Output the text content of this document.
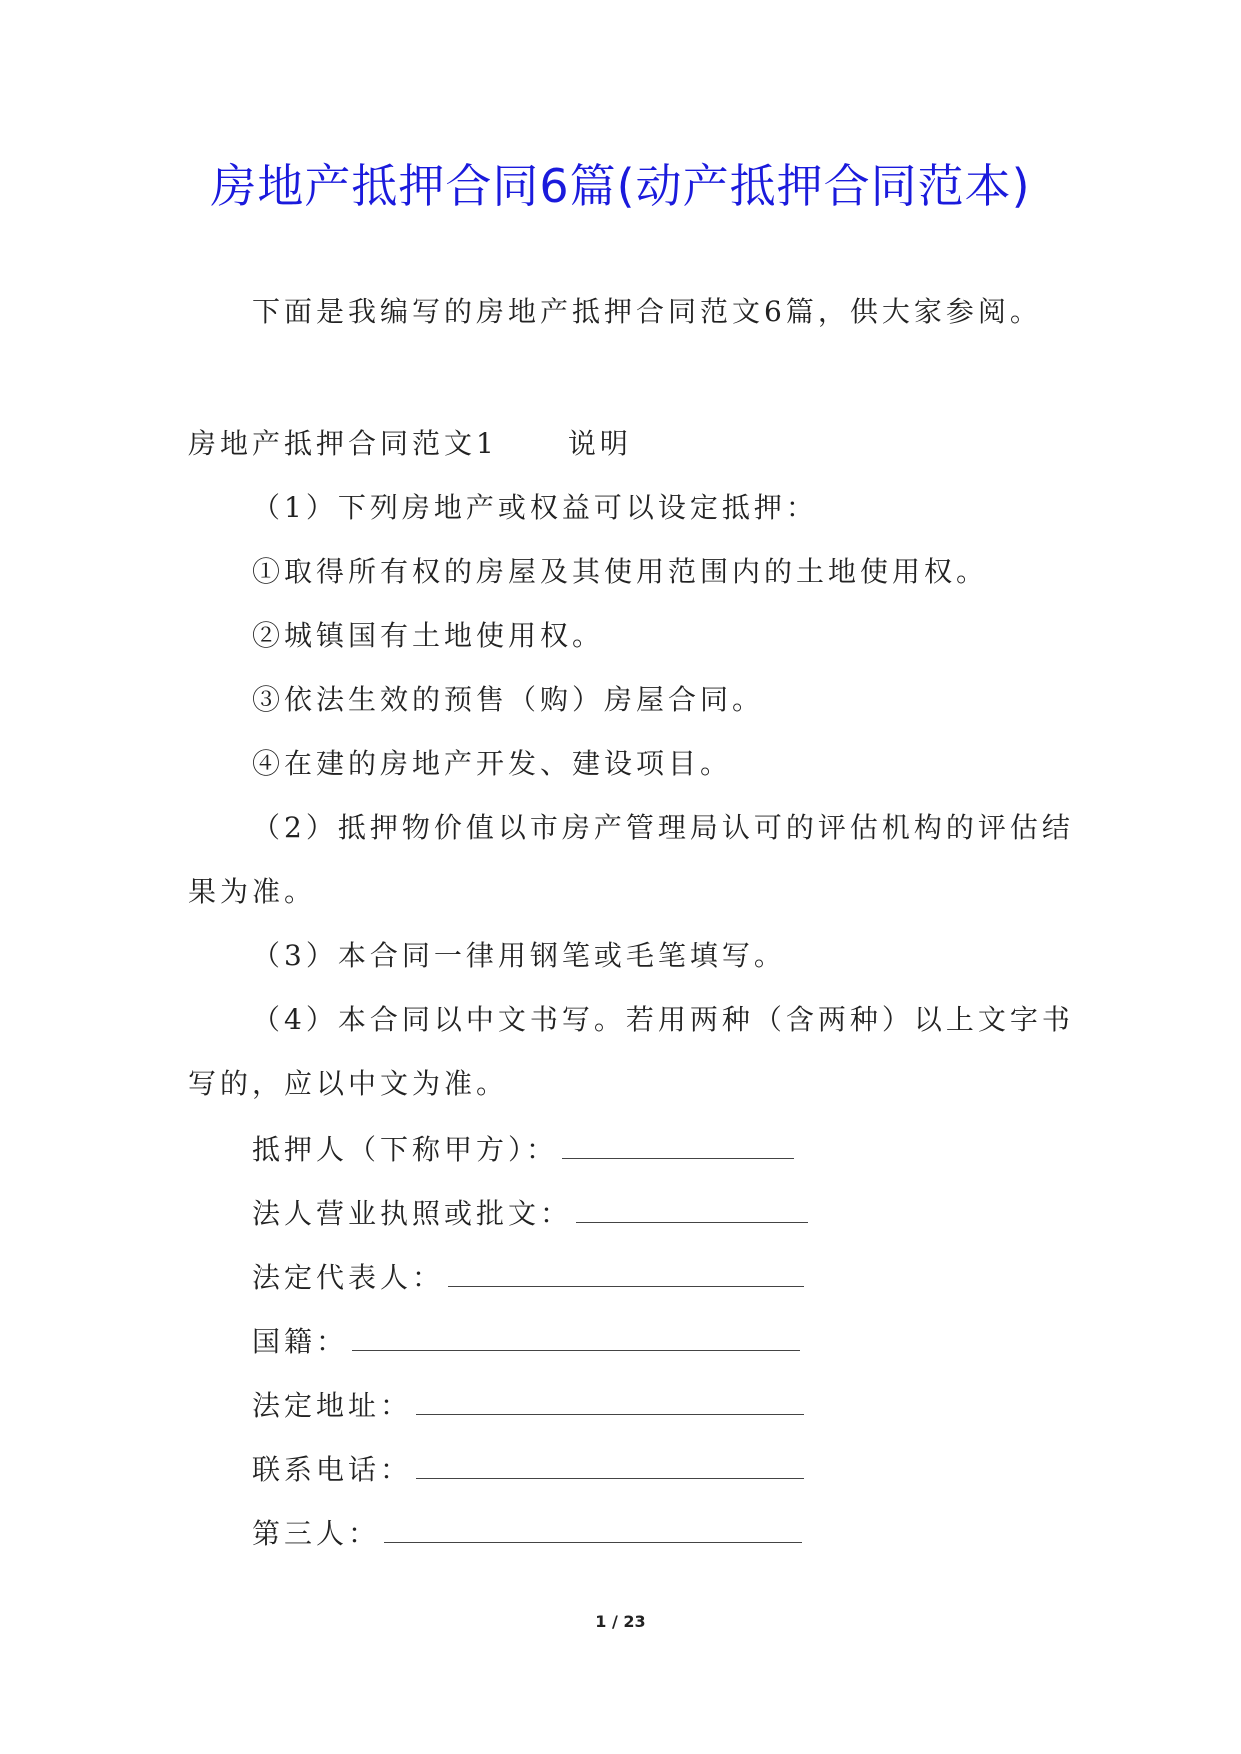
房地产抵押合同6篇(动产抵押合同范本)
下面是我编写的房地产抵押合同范文6篇，供大家参阅。
房地产抵押合同范文1	说明
（1）下列房地产或权益可以设定抵押：
①取得所有权的房屋及其使用范围内的土地使用权。
②城镇国有土地使用权。
③依法生效的预售（购）房屋合同。
④在建的房地产开发、建设项目。
（2）抵押物价值以市房产管理局认可的评估机构的评估结
果为准。
（3）本合同一律用钢笔或毛笔填写。
（4）本合同以中文书写。若用两种（含两种）以上文字书
写的，应以中文为准。
抵押人（下称甲方）：
法人营业执照或批文：
法定代表人：
国籍：
法定地址：
联系电话：
第三人：
1 / 23
